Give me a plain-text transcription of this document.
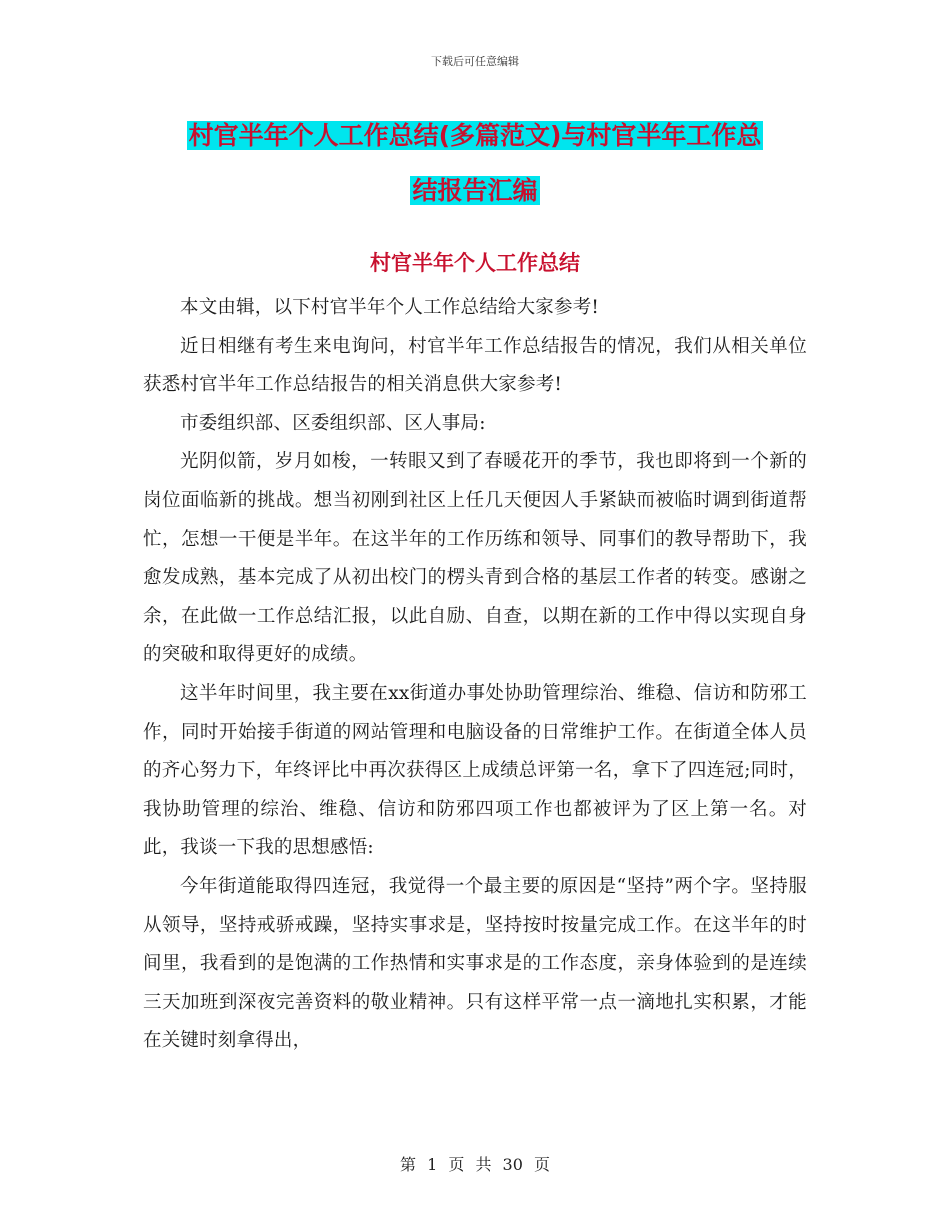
下载后可任意编辑
村官半年个人工作总结(多篇范文)与村官半年工作总
结报告汇编
村官半年个人工作总结

本文由辑，以下村官半年个人工作总结给大家参考!

近日相继有考生来电询问，村官半年工作总结报告的情况，我们从相关单位获悉村官半年工作总结报告的相关消息供大家参考!

市委组织部、区委组织部、区人事局:

光阴似箭，岁月如梭，一转眼又到了春暖花开的季节，我也即将到一个新的岗位面临新的挑战。想当初刚到社区上任几天便因人手紧缺而被临时调到街道帮忙，怎想一干便是半年。在这半年的工作历练和领导、同事们的教导帮助下，我愈发成熟，基本完成了从初出校门的楞头青到合格的基层工作者的转变。感谢之余，在此做一工作总结汇报，以此自励、自查，以期在新的工作中得以实现自身的突破和取得更好的成绩。

这半年时间里，我主要在xx街道办事处协助管理综治、维稳、信访和防邪工作，同时开始接手街道的网站管理和电脑设备的日常维护工作。在街道全体人员的齐心努力下，年终评比中再次获得区上成绩总评第一名，拿下了四连冠;同时，我协助管理的综治、维稳、信访和防邪四项工作也都被评为了区上第一名。对此，我谈一下我的思想感悟:

今年街道能取得四连冠，我觉得一个最主要的原因是“坚持”两个字。坚持服从领导，坚持戒骄戒躁，坚持实事求是，坚持按时按量完成工作。在这半年的时间里，我看到的是饱满的工作热情和实事求是的工作态度，亲身体验到的是连续三天加班到深夜完善资料的敬业精神。只有这样平常一点一滴地扎实积累，才能在关键时刻拿得出，

第 1 页 共 30 页
